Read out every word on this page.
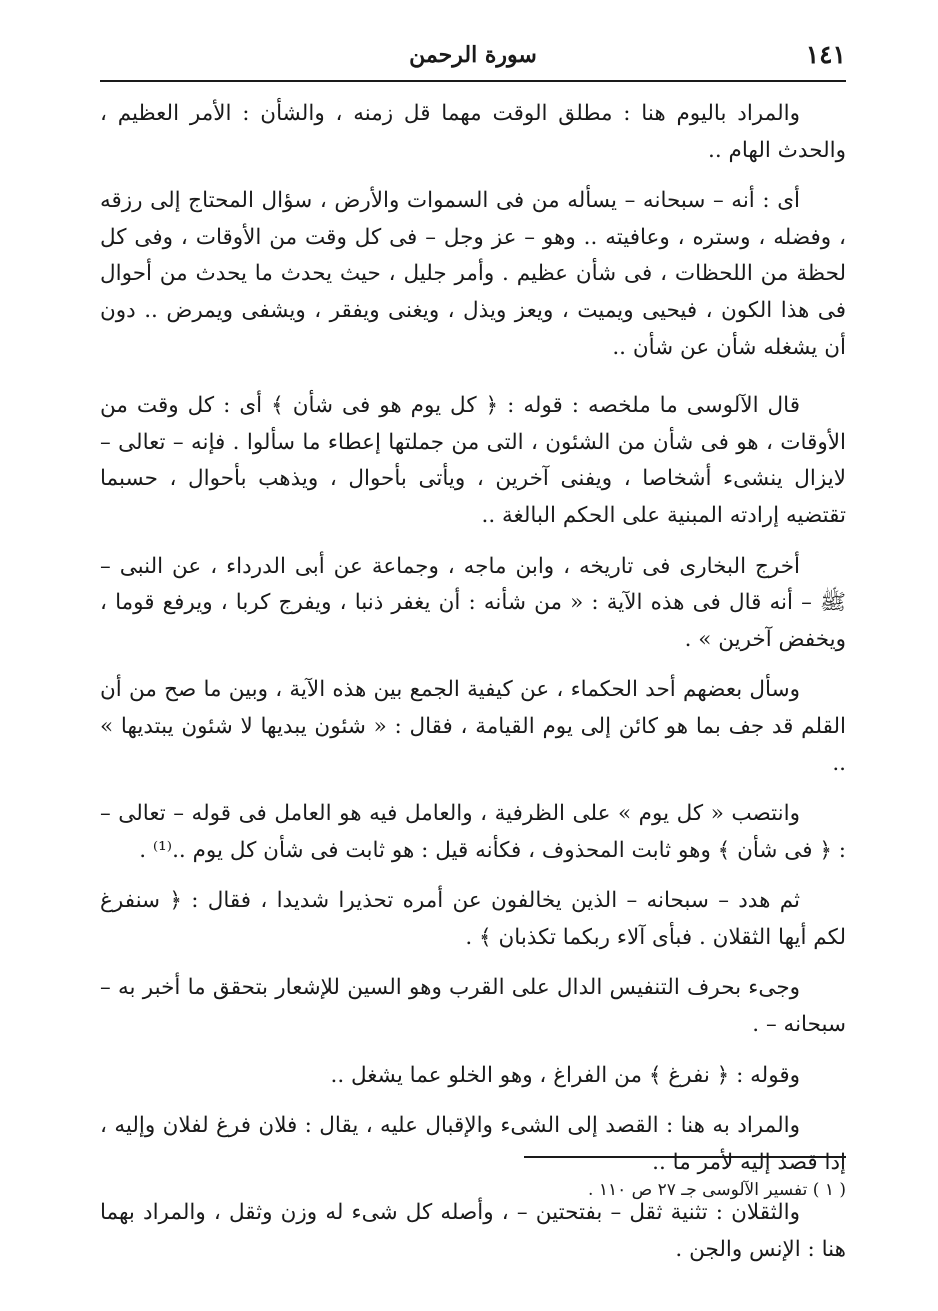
١٤١
سورة الرحمن

والمراد باليوم هنا : مطلق الوقت مهما قل زمنه ، والشأن : الأمر العظيم ، والحدث الهام ..

أى : أنه – سبحانه – يسأله من فى السموات والأرض ، سؤال المحتاج إلى رزقه ، وفضله ، وستره ، وعافيته .. وهو – عز وجل – فى كل وقت من الأوقات ، وفى كل لحظة من اللحظات ، فى شأن عظيم . وأمر جليل ، حيث يحدث ما يحدث من أحوال فى هذا الكون ، فيحيى ويميت ، ويعز ويذل ، ويغنى ويفقر ، ويشفى ويمرض .. دون أن يشغله شأن عن شأن ..

قال الآلوسى ما ملخصه : قوله : ﴿ كل يوم هو فى شأن ﴾ أى : كل وقت من الأوقات ، هو فى شأن من الشئون ، التى من جملتها إعطاء ما سألوا . فإنه – تعالى – لايزال ينشىء أشخاصا ، ويفنى آخرين ، ويأتى بأحوال ، ويذهب بأحوال ، حسبما تقتضيه إرادته المبنية على الحكم البالغة ..

أخرج البخارى فى تاريخه ، وابن ماجه ، وجماعة عن أبى الدرداء ، عن النبى – ﷺ – أنه قال فى هذه الآية : « من شأنه : أن يغفر ذنبا ، ويفرج كربا ، ويرفع قوما ، ويخفض آخرين » .

وسأل بعضهم أحد الحكماء ، عن كيفية الجمع بين هذه الآية ، وبين ما صح من أن القلم قد جف بما هو كائن إلى يوم القيامة ، فقال : « شئون يبديها لا شئون يبتديها » ..

وانتصب « كل يوم » على الظرفية ، والعامل فيه هو العامل فى قوله – تعالى – : ﴿ فى شأن ﴾ وهو ثابت المحذوف ، فكأنه قيل : هو ثابت فى شأن كل يوم ..⁽¹⁾ .

ثم هدد – سبحانه – الذين يخالفون عن أمره تحذيرا شديدا ، فقال : ﴿ سنفرغ لكم أيها الثقلان . فبأى آلاء ربكما تكذبان ﴾ .

وجىء بحرف التنفيس الدال على القرب وهو السين للإشعار بتحقق ما أخبر به – سبحانه – .

وقوله : ﴿ نفرغ ﴾ من الفراغ ، وهو الخلو عما يشغل ..

والمراد به هنا : القصد إلى الشىء والإقبال عليه ، يقال : فلان فرغ لفلان وإليه ، إذا قصد إليه لأمر ما ..

والثقلان : تثنية ثقل – بفتحتين – ، وأصله كل شىء له وزن وثقل ، والمراد بهما هنا : الإنس والجن .

( ١ ) تفسير الآلوسى جـ ٢٧ ص ١١٠ .
